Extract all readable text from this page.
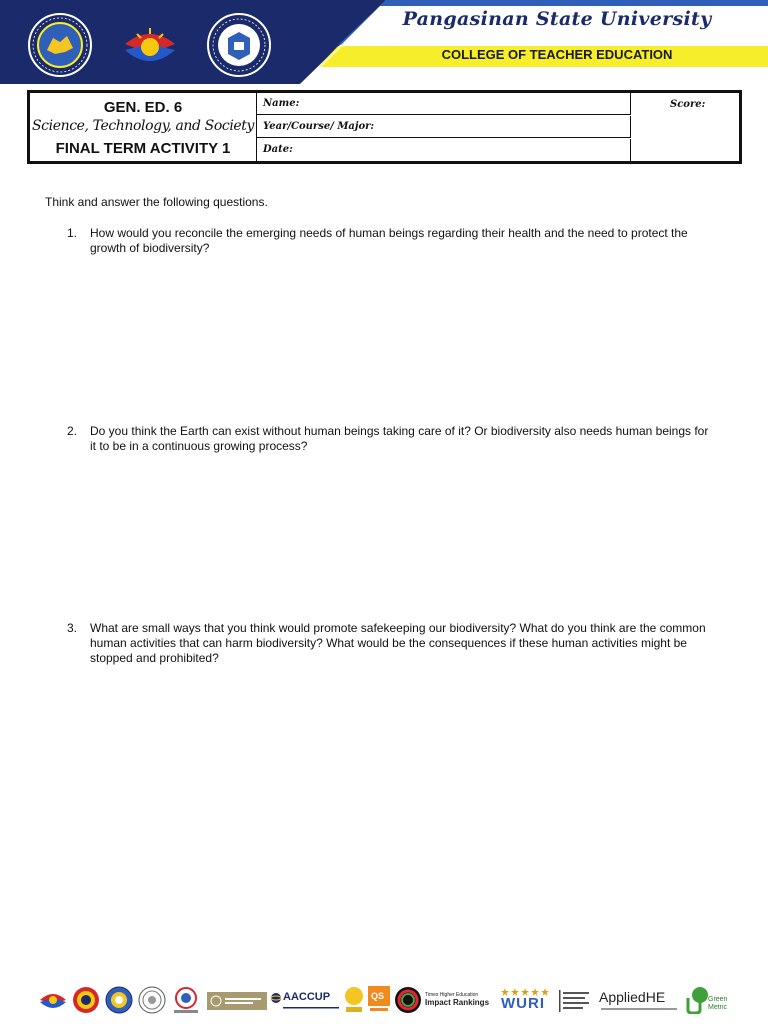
Pangasinan State University
COLLEGE OF TEACHER EDUCATION
GEN. ED. 6
Science, Technology, and Society
FINAL TERM ACTIVITY 1
Name:
Year/Course/ Major:
Date:
Score:
Think and answer the following questions.
1. How would you reconcile the emerging needs of human beings regarding their health and the need to protect the growth of biodiversity?
2. Do you think the Earth can exist without human beings taking care of it? Or biodiversity also needs human beings for it to be in a continuous growing process?
3. What are small ways that you think would promote safekeeping our biodiversity? What do you think are the common human activities that can harm biodiversity? What would be the consequences if these human activities might be stopped and prohibited?
AACCUP	QS	Times Higher Education
Impact Rankings WURI	AppliedHE	Green Metric
